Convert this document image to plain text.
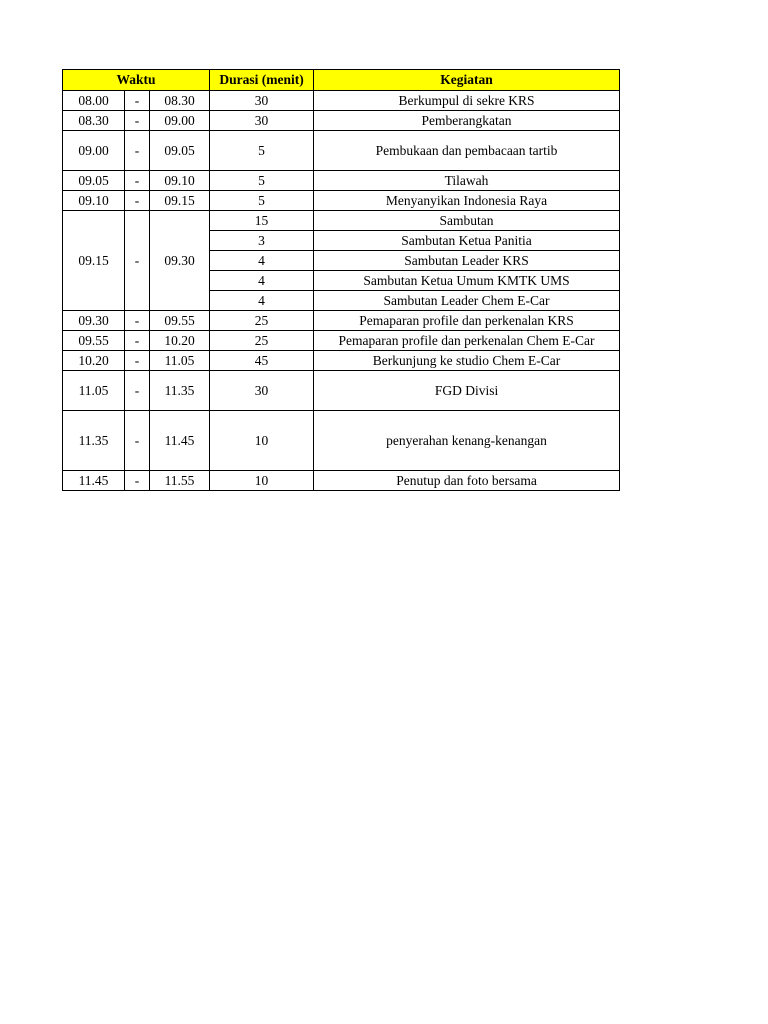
Waktu			Durasi (menit)	Kegiatan
08.00	-	08.30	30	Berkumpul di sekre KRS
08.30	-	09.00	30	Pemberangkatan
09.00	-	09.05	5	Pembukaan dan pembacaan tartib
09.05	-	09.10	5	Tilawah
09.10	-	09.15	5	Menyanyikan Indonesia Raya
09.15	-	09.30	15	Sambutan
			3	Sambutan Ketua Panitia
			4	Sambutan Leader KRS
			4	Sambutan Ketua Umum KMTK UMS
			4	Sambutan Leader Chem E-Car
09.30	-	09.55	25	Pemaparan profile dan perkenalan KRS
09.55	-	10.20	25	Pemaparan profile dan perkenalan Chem E-Car
10.20	-	11.05	45	Berkunjung ke studio Chem E-Car
11.05	-	11.35	30	FGD Divisi
11.35	-	11.45	10	penyerahan kenang-kenangan
11.45	-	11.55	10	Penutup dan foto bersama
